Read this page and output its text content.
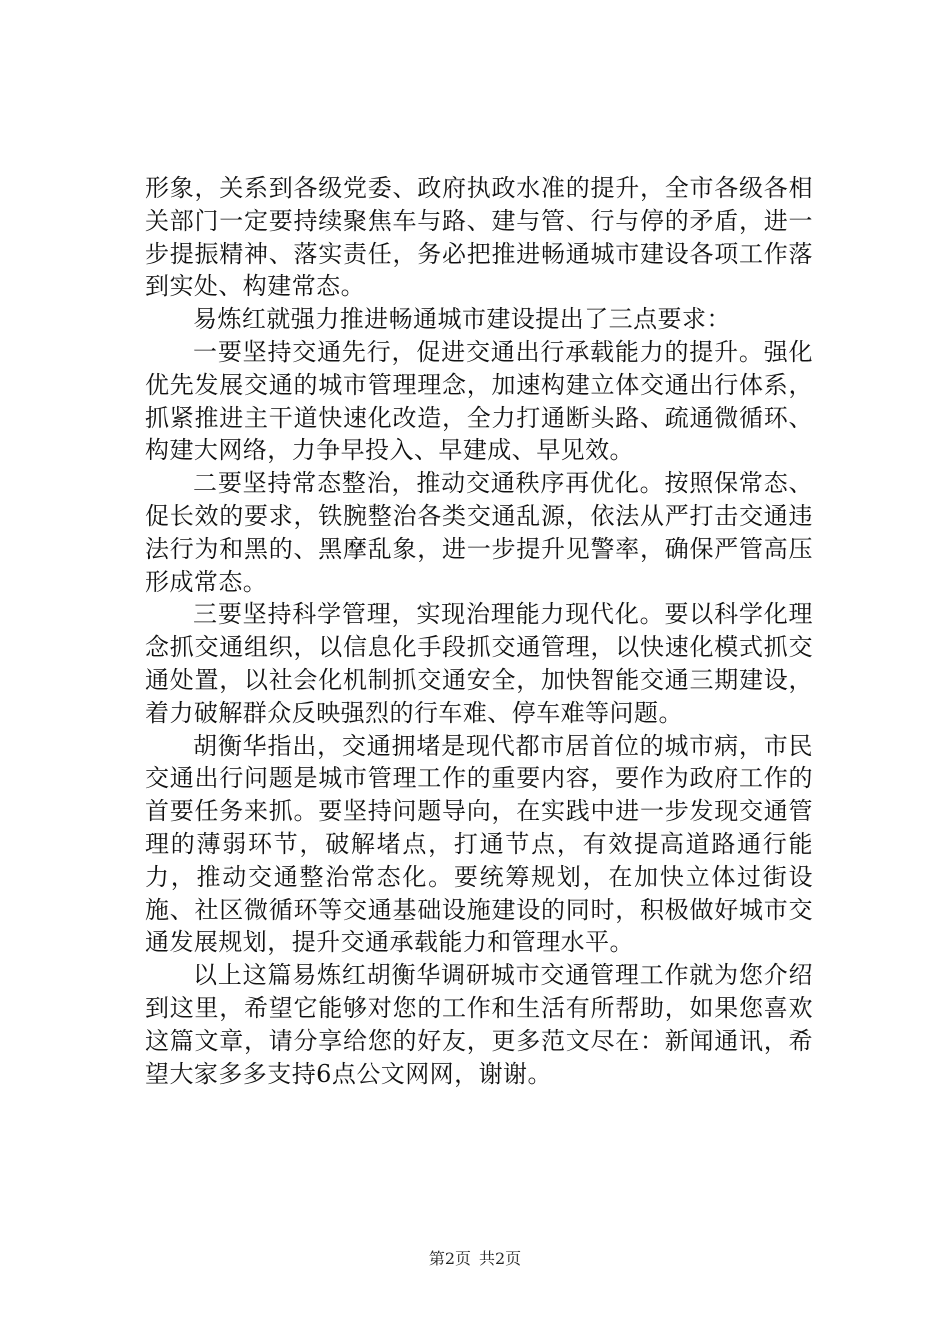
形象，关系到各级党委、政府执政水准的提升，全市各级各相关部门一定要持续聚焦车与路、建与管、行与停的矛盾，进一步提振精神、落实责任，务必把推进畅通城市建设各项工作落到实处、构建常态。

易炼红就强力推进畅通城市建设提出了三点要求：

一要坚持交通先行，促进交通出行承载能力的提升。强化优先发展交通的城市管理理念，加速构建立体交通出行体系，抓紧推进主干道快速化改造，全力打通断头路、疏通微循环、构建大网络，力争早投入、早建成、早见效。

二要坚持常态整治，推动交通秩序再优化。按照保常态、促长效的要求，铁腕整治各类交通乱源，依法从严打击交通违法行为和黑的、黑摩乱象，进一步提升见警率，确保严管高压形成常态。

三要坚持科学管理，实现治理能力现代化。要以科学化理念抓交通组织，以信息化手段抓交通管理，以快速化模式抓交通处置，以社会化机制抓交通安全，加快智能交通三期建设，着力破解群众反映强烈的行车难、停车难等问题。

胡衡华指出，交通拥堵是现代都市居首位的城市病，市民交通出行问题是城市管理工作的重要内容，要作为政府工作的首要任务来抓。要坚持问题导向，在实践中进一步发现交通管理的薄弱环节，破解堵点，打通节点，有效提高道路通行能力，推动交通整治常态化。要统筹规划，在加快立体过街设施、社区微循环等交通基础设施建设的同时，积极做好城市交通发展规划，提升交通承载能力和管理水平。

以上这篇易炼红胡衡华调研城市交通管理工作就为您介绍到这里，希望它能够对您的工作和生活有所帮助，如果您喜欢这篇文章，请分享给您的好友，更多范文尽在：新闻通讯，希望大家多多支持6点公文网网，谢谢。

第2页 共2页
